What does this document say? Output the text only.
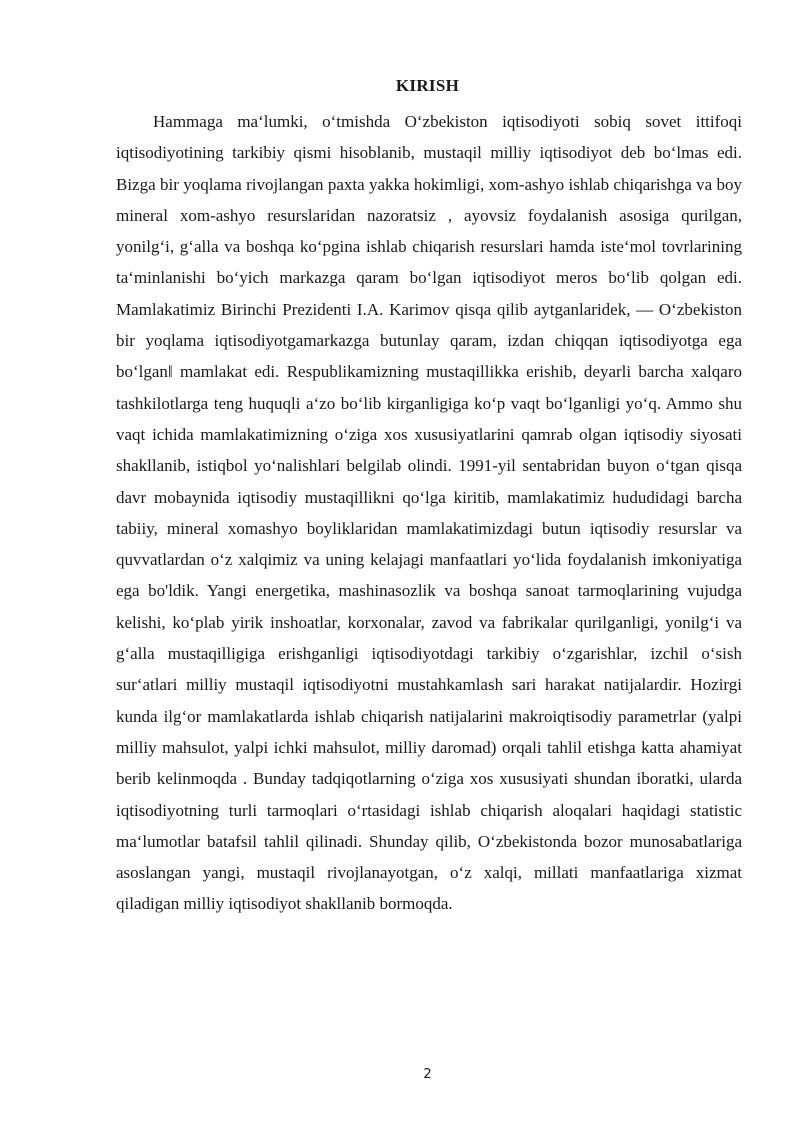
KIRISH

Hammaga maʻlumki, oʻtmishda Oʻzbekiston iqtisodiyoti sobiq sovet ittifoqi iqtisodiyotining tarkibiy qismi hisoblanib, mustaqil milliy iqtisodiyot deb boʻlmas edi. Bizga bir yoqlama rivojlangan paxta yakka hokimligi, xom-ashyo ishlab chiqarishga va boy mineral xom-ashyo resurslaridan nazoratsiz , ayovsiz foydalanish asosiga qurilgan, yonilgʻi, gʻalla va boshqa koʻpgina ishlab chiqarish resurslari hamda isteʻmol tovrlarining taʻminlanishi boʻyich markazga qaram boʻlgan iqtisodiyot meros boʻlib qolgan edi. Mamlakatimiz Birinchi Prezidenti I.A. Karimov qisqa qilib aytganlaridek, ― Oʻzbekiston bir yoqlama iqtisodiyotgamarkazga butunlay qaram, izdan chiqqan iqtisodiyotga ega boʻlgan‖ mamlakat edi. Respublikamizning mustaqillikka erishib, deyarli barcha xalqaro tashkilotlarga teng huquqli aʻzo boʻlib kirganligiga koʻp vaqt boʻlganligi yoʻq. Ammo shu vaqt ichida mamlakatimizning oʻziga xos xususiyatlarini qamrab olgan iqtisodiy siyosati shakllanib, istiqbol yoʻnalishlari belgilab olindi. 1991-yil sentabridan buyon oʻtgan qisqa davr mobaynida iqtisodiy mustaqillikni qoʻlga kiritib, mamlakatimiz hududidagi barcha tabiiy, mineral xomashyo boyliklaridan mamlakatimizdagi butun iqtisodiy resurslar va quvvatlardan oʻz xalqimiz va uning kelajagi manfaatlari yoʻlida foydalanish imkoniyatiga ega bo'ldik. Yangi energetika, mashinasozlik va boshqa sanoat tarmoqlarining vujudga kelishi, koʻplab yirik inshoatlar, korxonalar, zavod va fabrikalar qurilganligi, yonilgʻi va gʻalla mustaqilligiga erishganligi iqtisodiyotdagi tarkibiy oʻzgarishlar, izchil oʻsish surʻatlari milliy mustaqil iqtisodiyotni mustahkamlash sari harakat natijalardir. Hozirgi kunda ilgʻor mamlakatlarda ishlab chiqarish natijalarini makroiqtisodiy parametrlar (yalpi milliy mahsulot, yalpi ichki mahsulot, milliy daromad) orqali tahlil etishga katta ahamiyat berib kelinmoqda . Bunday tadqiqotlarning oʻziga xos xususiyati shundan iboratki, ularda iqtisodiyotning turli tarmoqlari oʻrtasidagi ishlab chiqarish aloqalari haqidagi statistic maʻlumotlar batafsil tahlil qilinadi. Shunday qilib, Oʻzbekistonda bozor munosabatlariga asoslangan yangi, mustaqil rivojlanayotgan, oʻz xalqi, millati manfaatlariga xizmat qiladigan milliy iqtisodiyot shakllanib bormoqda.

2
